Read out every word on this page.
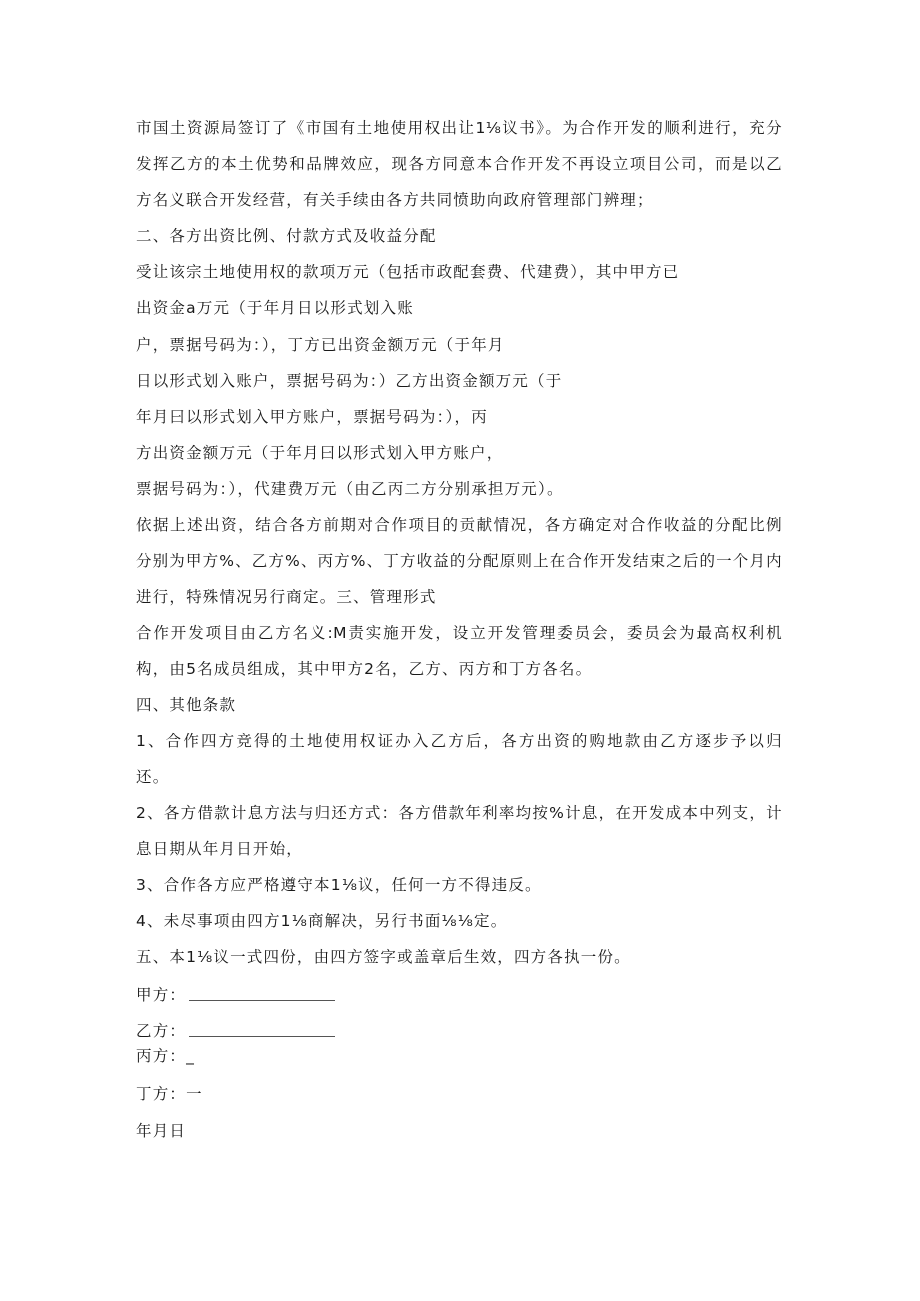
市国土资源局签订了《市国有土地使用权出让1⅛议书》。为合作开发的顺利进行，充分

发挥乙方的本土优势和品牌效应，现各方同意本合作开发不再设立项目公司，而是以乙

方名义联合开发经营，有关手续由各方共同愤助向政府管理部门辨理；

二、各方出资比例、付款方式及收益分配

受让该宗土地使用权的款项万元（包括市政配套费、代建费），其中甲方已

出资金a万元（于年月日以形式划入账

户，票据号码为：），丁方已出资金额万元（于年月

日以形式划入账户，票据号码为：）乙方出资金额万元（于

年月曰以形式划入甲方账户，票据号码为：），丙

方出资金额万元（于年月曰以形式划入甲方账户，

票据号码为：），代建费万元（由乙丙二方分别承担万元）。

依据上述出资，结合各方前期对合作项目的贡献情况，各方确定对合作收益的分配比例

分别为甲方%、乙方%、丙方%、丁方收益的分配原则上在合作开发结束之后的一个月内

进行，特殊情况另行商定。三、管理形式

合作开发项目由乙方名义:M责实施开发，设立开发管理委员会，委员会为最高权利机

构，由5名成员组成，其中甲方2名，乙方、丙方和丁方各名。

四、其他条款

1、合作四方竞得的土地使用权证办入乙方后，各方出资的购地款由乙方逐步予以归

还。

2、各方借款计息方法与归还方式：各方借款年利率均按%计息，在开发成本中列支，计

息日期从年月日开始，

3、合作各方应严格遵守本1⅛议，任何一方不得违反。

4、未尽事项由四方1⅛商解决，另行书面⅛⅛定。

五、本1⅛议一式四份，由四方签字或盖章后生效，四方各执一份。

甲方：

乙方：

丙方：_

丁方：一

年月日
